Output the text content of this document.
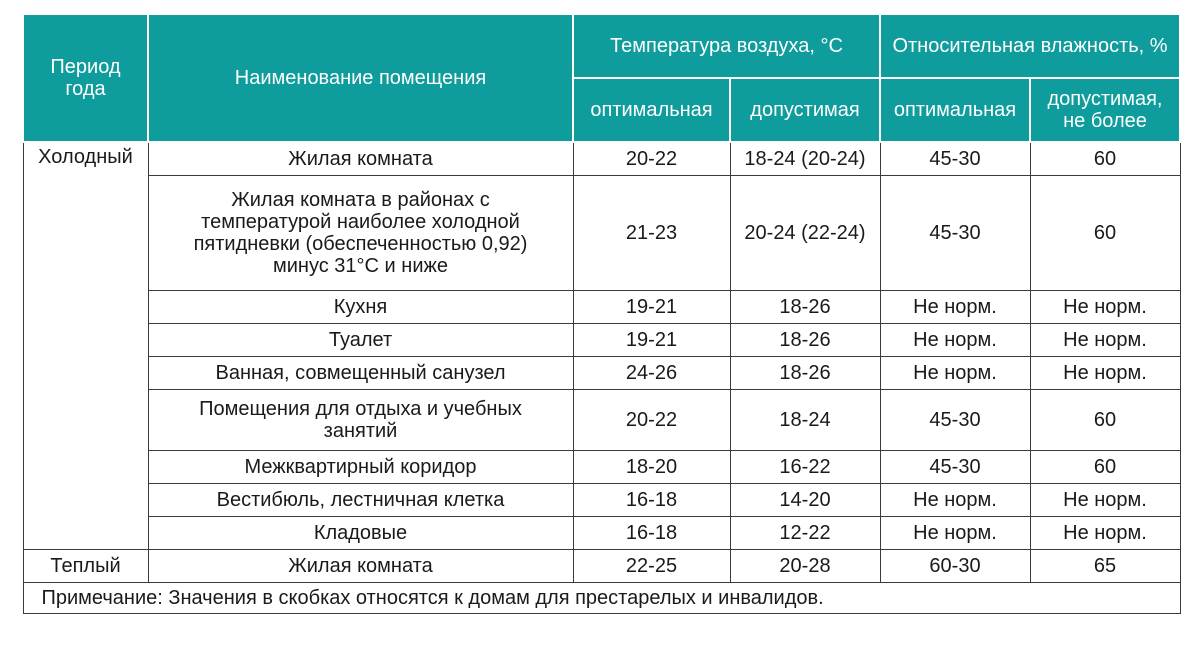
Период года	Наименование помещения	Температура воздуха, °С		Относительная влажность, %	
		оптимальная	допустимая	оптимальная	допустимая, не более
Холодный	Жилая комната	20-22	18-24 (20-24)	45-30	60
	Жилая комната в районах с температурой наиболее холодной пятидневки (обеспеченностью 0,92) минус 31°С и ниже	21-23	20-24 (22-24)	45-30	60
	Кухня	19-21	18-26	Не норм.	Не норм.
	Туалет	19-21	18-26	Не норм.	Не норм.
	Ванная, совмещенный санузел	24-26	18-26	Не норм.	Не норм.
	Помещения для отдыха и учебных занятий	20-22	18-24	45-30	60
	Межквартирный коридор	18-20	16-22	45-30	60
	Вестибюль, лестничная клетка	16-18	14-20	Не норм.	Не норм.
	Кладовые	16-18	12-22	Не норм.	Не норм.
Теплый	Жилая комната	22-25	20-28	60-30	65
Примечание: Значения в скобках относятся к домам для престарелых и инвалидов.					
